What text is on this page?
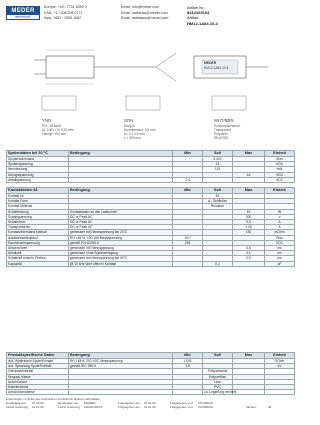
MEDER
electronic
Europe: +49 / 7731 8399 0
USA: +1 / 508 295 0771
Asia: +852 / 2955 1682
Email: info@meder.com
Email: salesusa@meder.com
Email: salesasia@meder.com
Artikel Nr.:
8412103104
Artikel:
HM12-1A83-10-4
MEDER
HM12-1A83-10-4
YNG	GRN	WHT/BRN
PVC 28 AWG
UL 1061 / 2x 0,25 mm²
Laenge: 100 mm
NiAgCu
Durchmesser: 0,5 mm
UL 2 x 0,5 mm
L = 380 mm
Schrumpfschlauch
Transparent
Polyolefin
EN 60335
Spulendaten bei 20 °C	Bedingung	Min	Soll	Max	Einheit
Spulenwiderstand			5.000		Ohm
Spulenspannung			24		VDC
Nennleistung			115		mW
Anzugsspannung				16	VDC
Abfallspannung		2,4			VDC
Kontaktdaten 83	Bedingung	Min	Soll	Max	Einheit
Kontakt-Nr.			83		
Kontakt-Form			A - Schließer		
Kontakt-Material			Rhodium		
Schaltleistung	Kontaktdaten zu den Lastkurven			10	W
Schaltspannung	DC or Peak AC			200	V
Schaltstrom	DC or Peak AC			0,5	A
Transportstrom	DC or Peak AC			1,25	A
Kontaktwiderstand statisch	gemessen mit Nennspannung bei 20°C			150	mOhm
Isolationswiderstand	RH <45 %, 100 Volt Messspannung	10¹⁰			Ohm
Durchbruchspannung	gemäß EN 60255-5	225			VDC
Ansprechzeit	gemessen mit Nennspannung			0,5	ms
Abfallzeit	gemessen ohne Spulenerregung			0,1	ms
Schaltzeit einschl. Prellen	gemessen mit Nennspannung bei 20°C			0,5	ms
Kapazität	@ 10 kHz über offenen Kontakt		0,2		pF
Produktspezifische Daten	Bedingung	Min	Soll	Max	Einheit
Isol. Widerstand Spule/Kontakt	RH <45%, 200 VDC Messspannung	1.000			GOhm
Isol. Spannung Spule/Kontakt	gemäß IEC 255-5	1,5			kV
Gehäusematerial			Polycarbonat		
Verguss-Masse			Polyurethan		
Anschlussart			Litze		
Kabelmaterial			PVC		
Anschlussmaterial			Cu-Legierung verzinnt		
Änderungen im Sinne des technischen Fortschritts bleiben vorbehalten
Neuanlage am: 07.04.00	Neuanlage von: MIKBER	Freigegeben am: 07.01.00	Freigegeben von: KOLBRICH
Letzte Änderung: 16.01.09	Letzte Änderung: MANIOUNUS	Freigegeben am: 16.01.09	Freigegeben von: KOLBRICH	Version:	04
